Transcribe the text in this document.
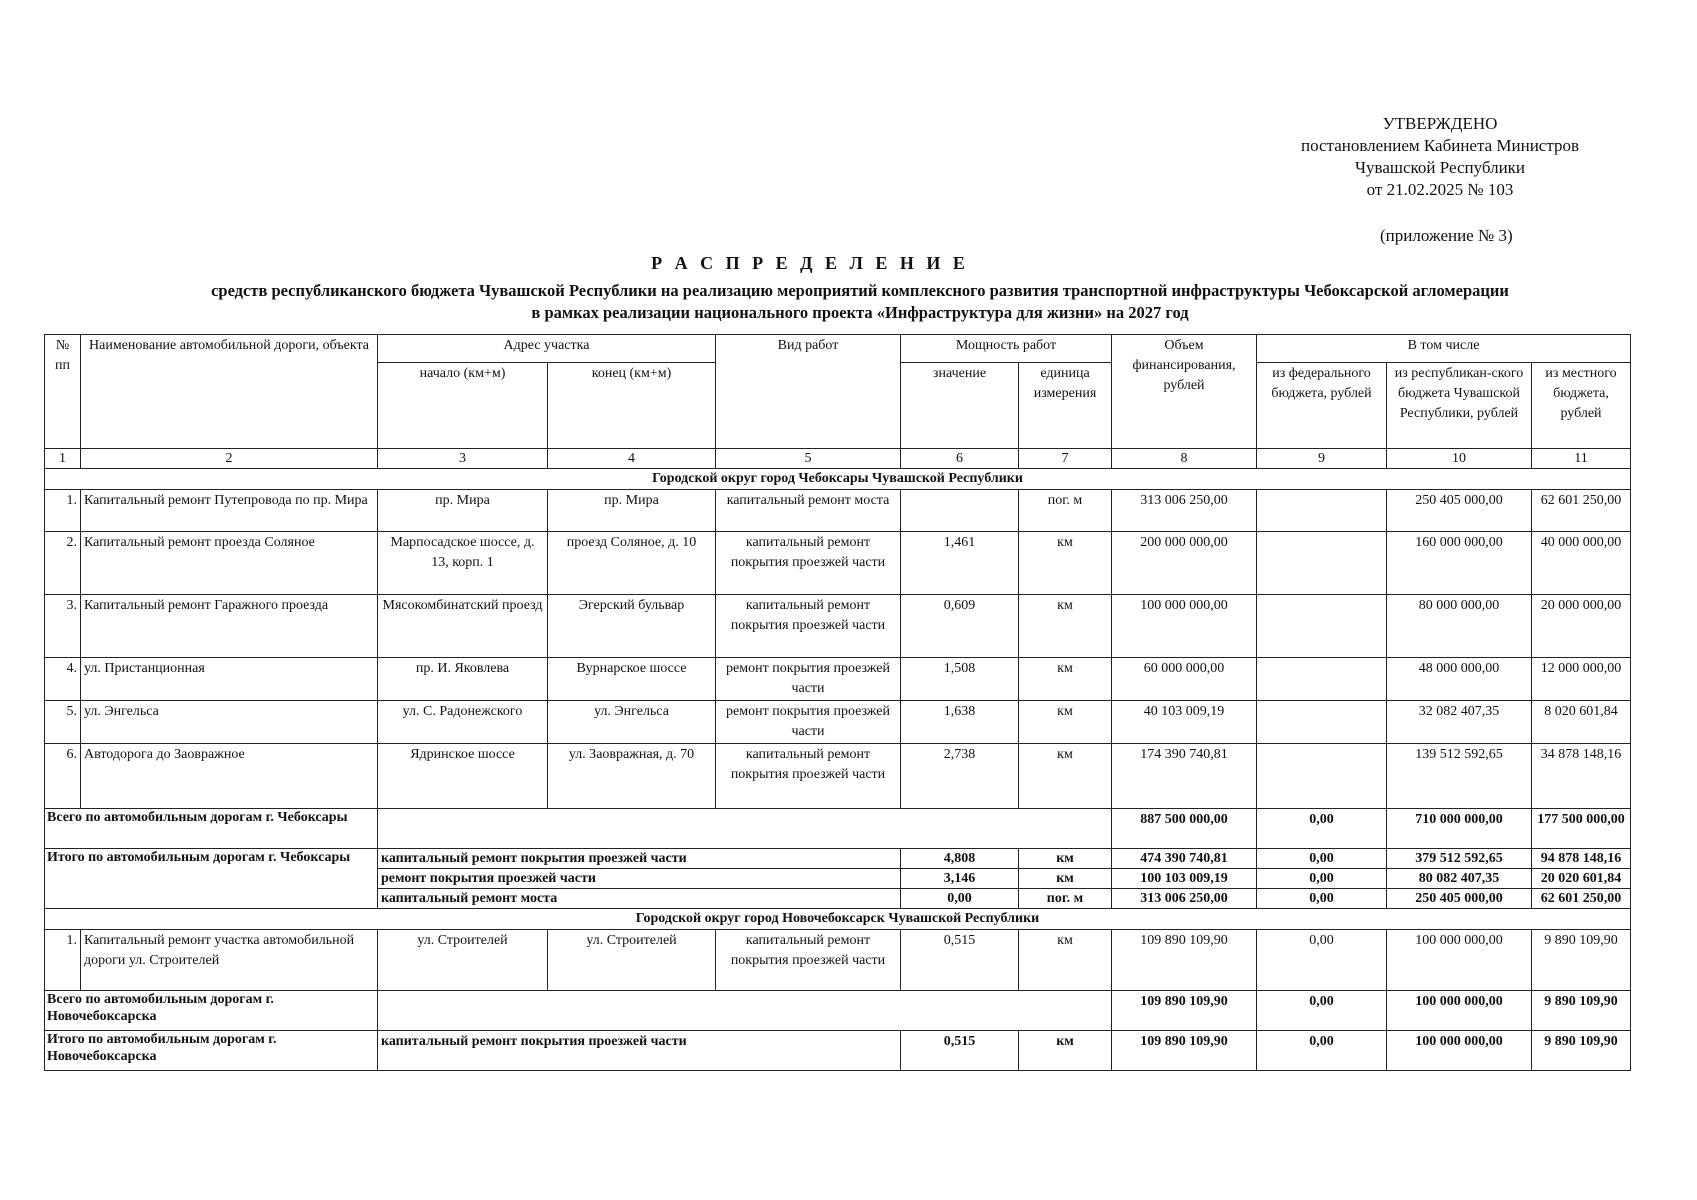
УТВЕРЖДЕНО
постановлением Кабинета Министров
Чувашской Республики
от 21.02.2025 № 103
(приложение № 3)
Р А С П Р Е Д Е Л Е Н И Е
средств республиканского бюджета Чувашской Республики на реализацию мероприятий комплексного развития транспортной инфраструктуры Чебоксарской агломерации
в рамках реализации национального проекта «Инфраструктура для жизни» на 2027 год
№ пп	Наименование автомобильной дороги, объекта	Адрес участка		Вид работ	Мощность работ		Объем финансирования, рублей	В том числе		
		начало (км+м)	конец (км+м)		значение	единица измерения		из федерального бюджета, рублей	из республикан-ского бюджета Чувашской Республики, рублей	из местного бюджета, рублей
1	2	3	4	5	6	7	8	9	10	11
Городской округ город Чебоксары Чувашской Республики										
1.	Капитальный ремонт Путепровода по пр. Мира	пр. Мира	пр. Мира	капитальный ремонт моста		пог. м	313 006 250,00		250 405 000,00	62 601 250,00
2.	Капитальный ремонт проезда Соляное	Марпосадское шоссе, д. 13, корп. 1	проезд Соляное, д. 10	капитальный ремонт покрытия проезжей части	1,461	км	200 000 000,00		160 000 000,00	40 000 000,00
3.	Капитальный ремонт Гаражного проезда	Мясокомбинатский проезд	Эгерский бульвар	капитальный ремонт покрытия проезжей части	0,609	км	100 000 000,00		80 000 000,00	20 000 000,00
4.	ул. Пристанционная	пр. И. Яковлева	Вурнарское шоссе	ремонт покрытия проезжей части	1,508	км	60 000 000,00		48 000 000,00	12 000 000,00
5.	ул. Энгельса	ул. С. Радонежского	ул. Энгельса	ремонт покрытия проезжей части	1,638	км	40 103 009,19		32 082 407,35	8 020 601,84
6.	Автодорога до Заовражное	Ядринское шоссе	ул. Заовражная, д. 70	капитальный ремонт покрытия проезжей части	2,738	км	174 390 740,81		139 512 592,65	34 878 148,16
Всего по автомобильным дорогам г. Чебоксары							887 500 000,00	0,00	710 000 000,00	177 500 000,00
Итого по автомобильным дорогам г. Чебоксары		капитальный ремонт покрытия проезжей части			4,808	км	474 390 740,81	0,00	379 512 592,65	94 878 148,16
		ремонт покрытия проезжей части			3,146	км	100 103 009,19	0,00	80 082 407,35	20 020 601,84
		капитальный ремонт моста			0,00	пог. м	313 006 250,00	0,00	250 405 000,00	62 601 250,00
Городской округ город Новочебоксарск Чувашской Республики										
1.	Капитальный ремонт участка автомобильной дороги ул. Строителей	ул. Строителей	ул. Строителей	капитальный ремонт покрытия проезжей части	0,515	км	109 890 109,90	0,00	100 000 000,00	9 890 109,90
Всего по автомобильным дорогам г. Новочебоксарска							109 890 109,90	0,00	100 000 000,00	9 890 109,90
Итого по автомобильным дорогам г. Новочебоксарска		капитальный ремонт покрытия проезжей части			0,515	км	109 890 109,90	0,00	100 000 000,00	9 890 109,90
